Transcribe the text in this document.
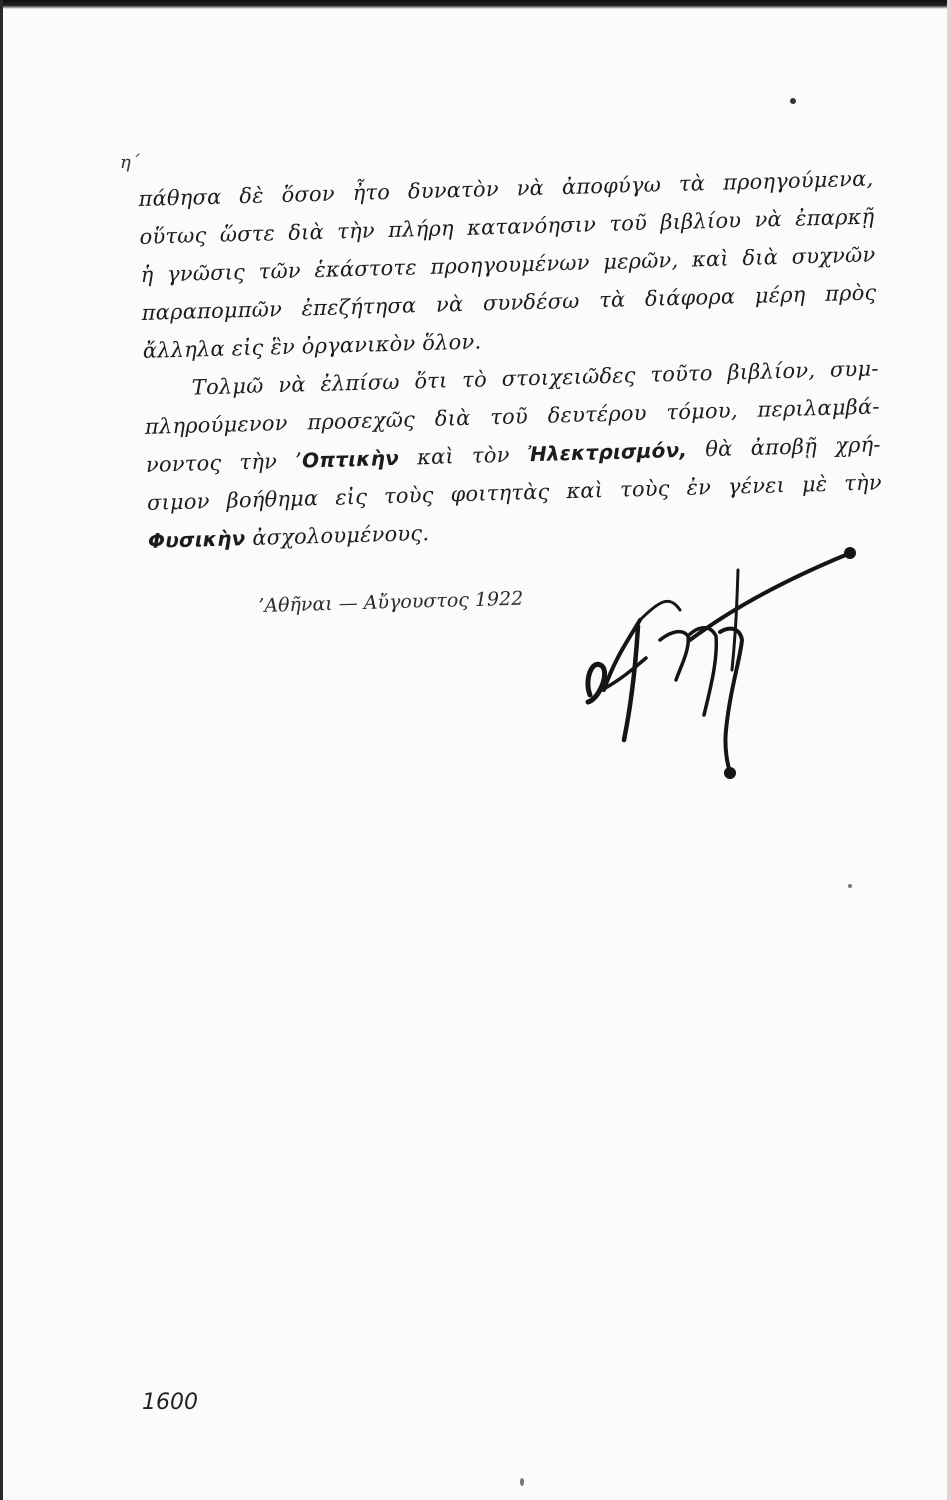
η΄
πάθησα δὲ ὅσον ἦτο δυνατὸν νὰ ἀποφύγω τὰ προηγούμενα,
οὕτως ὥστε διὰ τὴν πλήρη κατανόησιν τοῦ βιβλίου νὰ ἐπαρκῇ
ἡ γνῶσις τῶν ἑκάστοτε προηγουμένων μερῶν, καὶ διὰ συχνῶν
παραπομπῶν ἐπεζήτησα νὰ συνδέσω τὰ διάφορα μέρη πρὸς
ἄλληλα εἰς ἓν ὀργανικὸν ὅλον.
Τολμῶ νὰ ἐλπίσω ὅτι τὸ στοιχειῶδες τοῦτο βιβλίον, συμ-
πληρούμενον προσεχῶς διὰ τοῦ δευτέρου τόμου, περιλαμβά-
νοντος τὴν ’Οπτικὴν καὶ τὸν Ἠλεκτρισμόν, θὰ ἀποβῇ χρή-
σιμον βοήθημα εἰς τοὺς φοιτητὰς καὶ τοὺς ἐν γένει μὲ τὴν
Φυσικὴν ἀσχολουμένους.
’Αθῆναι — Αὔγουστος 1922
1600
